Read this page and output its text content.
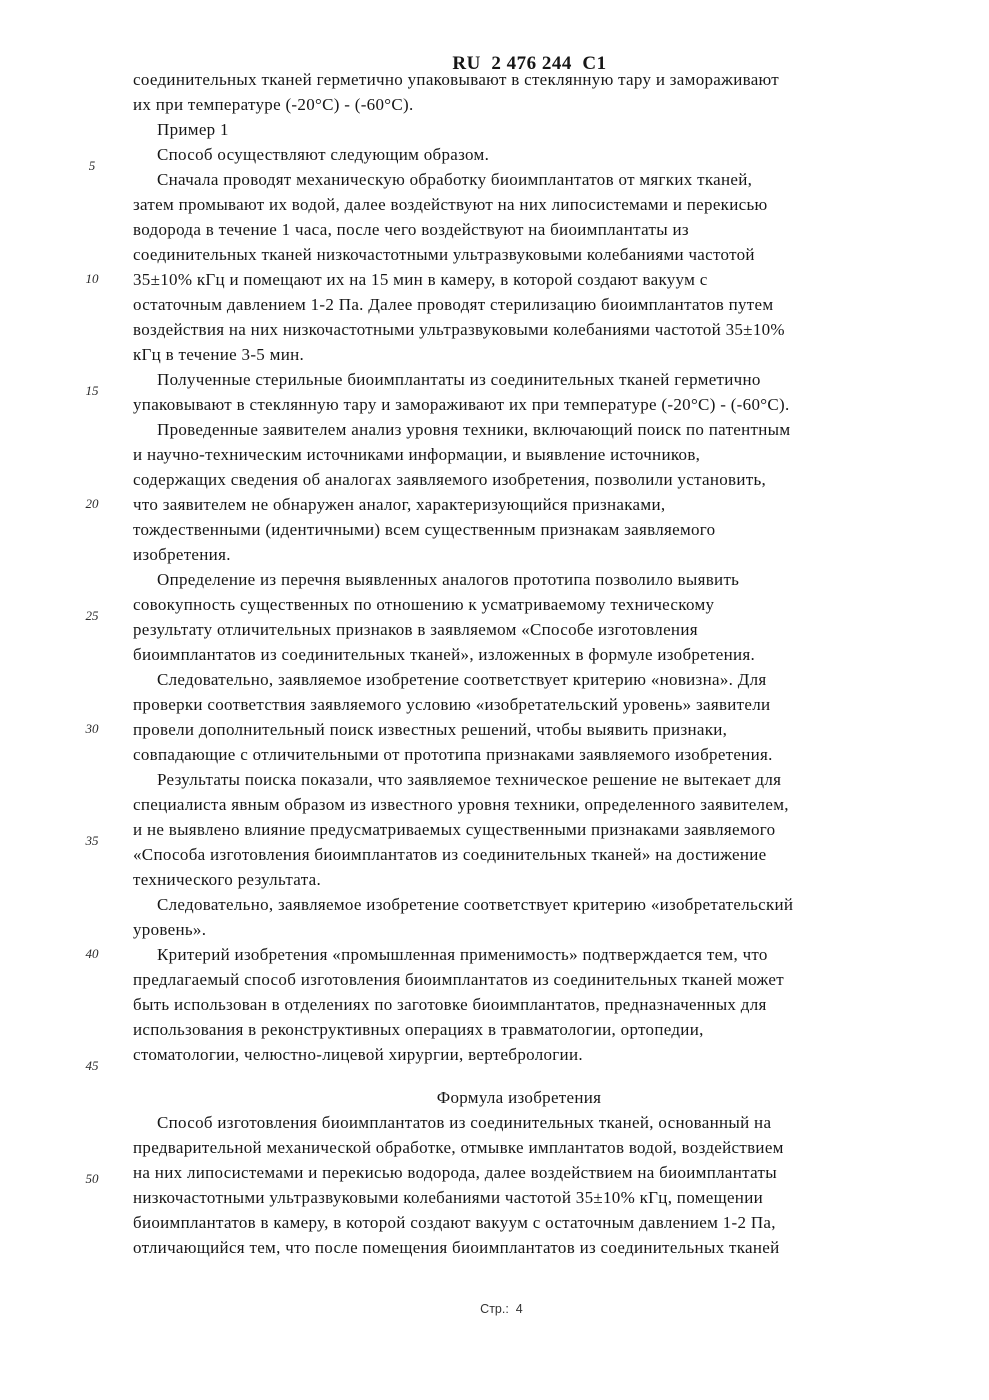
RU  2 476 244  C1

5
10
15
20
25
30
35
40
45
50
соединительных тканей герметично упаковывают в стеклянную тару и замораживают
их при температуре (-20°C) - (-60°C).
Пример 1
Способ осуществляют следующим образом.
Сначала проводят механическую обработку биоимплантатов от мягких тканей,
затем промывают их водой, далее воздействуют на них липосистемами и перекисью
водорода в течение 1 часа, после чего воздействуют на биоимплантаты из
соединительных тканей низкочастотными ультразвуковыми колебаниями частотой
35±10% кГц и помещают их на 15 мин в камеру, в которой создают вакуум с
остаточным давлением 1-2 Па. Далее проводят стерилизацию биоимплантатов путем
воздействия на них низкочастотными ультразвуковыми колебаниями частотой 35±10%
кГц в течение 3-5 мин.
Полученные стерильные биоимплантаты из соединительных тканей герметично
упаковывают в стеклянную тару и замораживают их при температуре (-20°C) - (-60°C).
Проведенные заявителем анализ уровня техники, включающий поиск по патентным
и научно-техническим источниками информации, и выявление источников,
содержащих сведения об аналогах заявляемого изобретения, позволили установить,
что заявителем не обнаружен аналог, характеризующийся признаками,
тождественными (идентичными) всем существенным признакам заявляемого
изобретения.
Определение из перечня выявленных аналогов прототипа позволило выявить
совокупность существенных по отношению к усматриваемому техническому
результату отличительных признаков в заявляемом «Способе изготовления
биоимплантатов из соединительных тканей», изложенных в формуле изобретения.
Следовательно, заявляемое изобретение соответствует критерию «новизна». Для
проверки соответствия заявляемого условию «изобретательский уровень» заявители
провели дополнительный поиск известных решений, чтобы выявить признаки,
совпадающие с отличительными от прототипа признаками заявляемого изобретения.
Результаты поиска показали, что заявляемое техническое решение не вытекает для
специалиста явным образом из известного уровня техники, определенного заявителем,
и не выявлено влияние предусматриваемых существенными признаками заявляемого
«Способа изготовления биоимплантатов из соединительных тканей» на достижение
технического результата.
Следовательно, заявляемое изобретение соответствует критерию «изобретательский
уровень».
Критерий изобретения «промышленная применимость» подтверждается тем, что
предлагаемый способ изготовления биоимплантатов из соединительных тканей может
быть использован в отделениях по заготовке биоимплантатов, предназначенных для
использования в реконструктивных операциях в травматологии, ортопедии,
стоматологии, челюстно-лицевой хирургии, вертебрологии.
Формула изобретения
Способ изготовления биоимплантатов из соединительных тканей, основанный на
предварительной механической обработке, отмывке имплантатов водой, воздействием
на них липосистемами и перекисью водорода, далее воздействием на биоимплантаты
низкочастотными ультразвуковыми колебаниями частотой 35±10% кГц, помещении
биоимплантатов в камеру, в которой создают вакуум с остаточным давлением 1-2 Па,
отличающийся тем, что после помещения биоимплантатов из соединительных тканей

Стр.:  4
